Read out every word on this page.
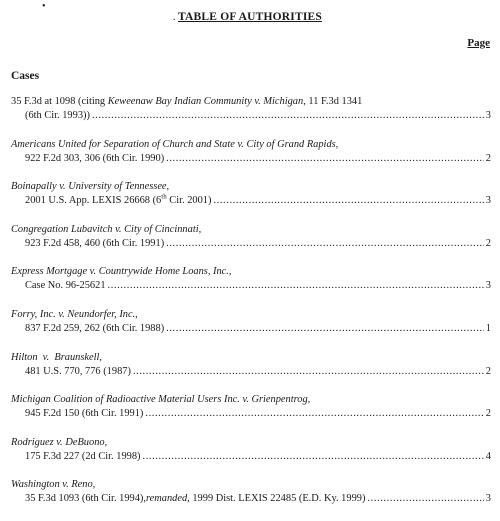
•
. TABLE OF AUTHORITIES
Page
Cases
35 F.3d at 1098 (citing Keweenaw Bay Indian Community v. Michigan, 11 F.3d 1341
(6th Cir. 1993)) .....	3
Americans United for Separation of Church and State v. City of Grand Rapids,
922 F.2d 303, 306 (6th Cir. 1990) .....	2
Boinapally v. University of Tennessee,
2001 U.S. App. LEXIS 26668 (6th Cir. 2001) .....	3
Congregation Lubavitch v. City of Cincinnati,
923 F.2d 458, 460 (6th Cir. 1991) .....	2
Express Mortgage v. Countrywide Home Loans, Inc.,
Case No. 96-25621 .....	3
Forry, Inc. v. Neundorfer, Inc.,
837 F.2d 259, 262 (6th Cir. 1988) .....	1
Hilton  v.  Braunskell,
481 U.S. 770, 776 (1987) .....	2
Michigan Coalition of Radioactive Material Users Inc. v. Grienpentrog,
945 F.2d 150 (6th Cir. 1991) .....	2
Rodriguez v. DeBuono,
175 F.3d 227 (2d Cir. 1998) .....	4
Washington v. Reno,
35 F.3d 1093 (6th Cir. 1994),remanded, 1999 Dist. LEXIS 22485 (E.D. Ky. 1999) .....	3
